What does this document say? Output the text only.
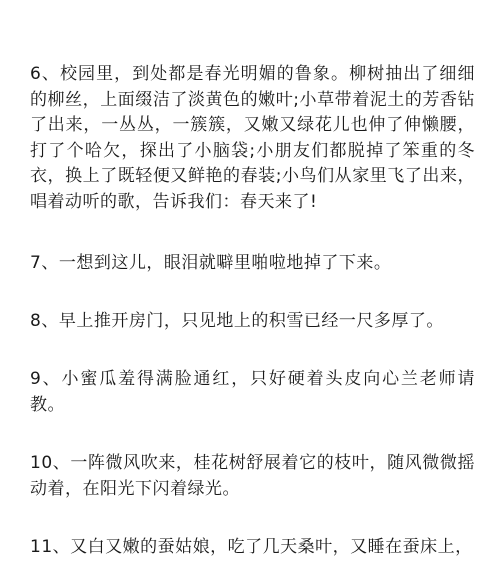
6、校园里，到处都是春光明媚的鲁象。柳树抽出了细细的柳丝，上面缀洁了淡黄色的嫩叶;小草带着泥土的芳香钻了出来，一丛丛，一簇簇，又嫩又绿花儿也伸了伸懒腰，打了个哈欠，探出了小脑袋;小朋友们都脱掉了笨重的冬衣，换上了既轻便又鲜艳的春装;小鸟们从家里飞了出来，唱着动听的歌，告诉我们：春天来了!

7、一想到这儿，眼泪就噼里啪啦地掉了下来。

8、早上推开房门，只见地上的积雪已经一尺多厚了。

9、小蜜瓜羞得满脸通红，只好硬着头皮向心兰老师请教。

10、一阵微风吹来，桂花树舒展着它的枝叶，随风微微摇动着，在阳光下闪着绿光。

11、又白又嫩的蚕姑娘，吃了几天桑叶，又睡在蚕床上，
